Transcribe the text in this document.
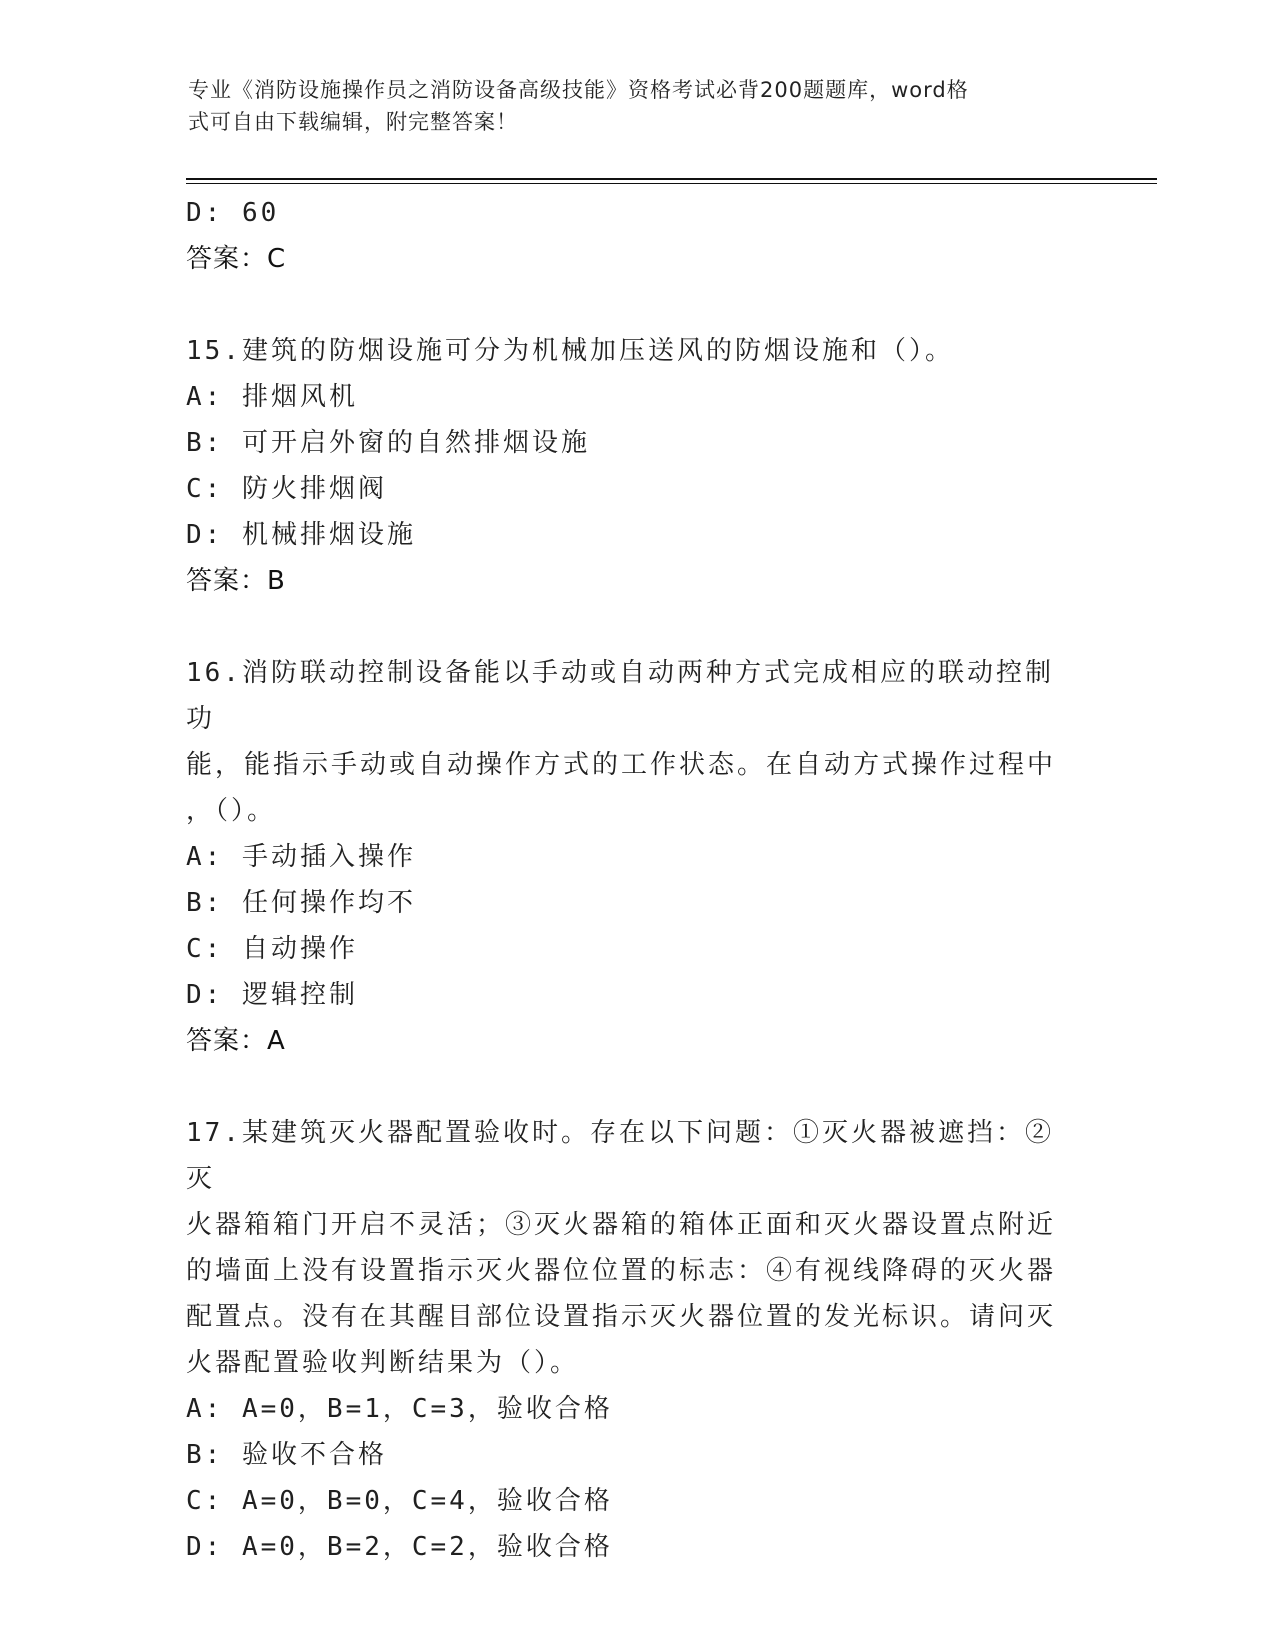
专业《消防设施操作员之消防设备高级技能》资格考试必背200题题库，word格
式可自由下载编辑，附完整答案！
D: 60
答案：C
15.建筑的防烟设施可分为机械加压送风的防烟设施和（）。
A: 排烟风机
B: 可开启外窗的自然排烟设施
C: 防火排烟阀
D: 机械排烟设施
答案：B
16.消防联动控制设备能以手动或自动两种方式完成相应的联动控制功
能，能指示手动或自动操作方式的工作状态。在自动方式操作过程中
，（）。
A: 手动插入操作
B: 任何操作均不
C: 自动操作
D: 逻辑控制
答案：A
17.某建筑灭火器配置验收时。存在以下问题：①灭火器被遮挡：②灭
火器箱箱门开启不灵活；③灭火器箱的箱体正面和灭火器设置点附近
的墙面上没有设置指示灭火器位位置的标志：④有视线降碍的灭火器
配置点。没有在其醒目部位设置指示灭火器位置的发光标识。请问灭
火器配置验收判断结果为（）。
A: A=0，B=1，C=3，验收合格
B: 验收不合格
C: A=0，B=0，C=4，验收合格
D: A=0，B=2，C=2，验收合格
